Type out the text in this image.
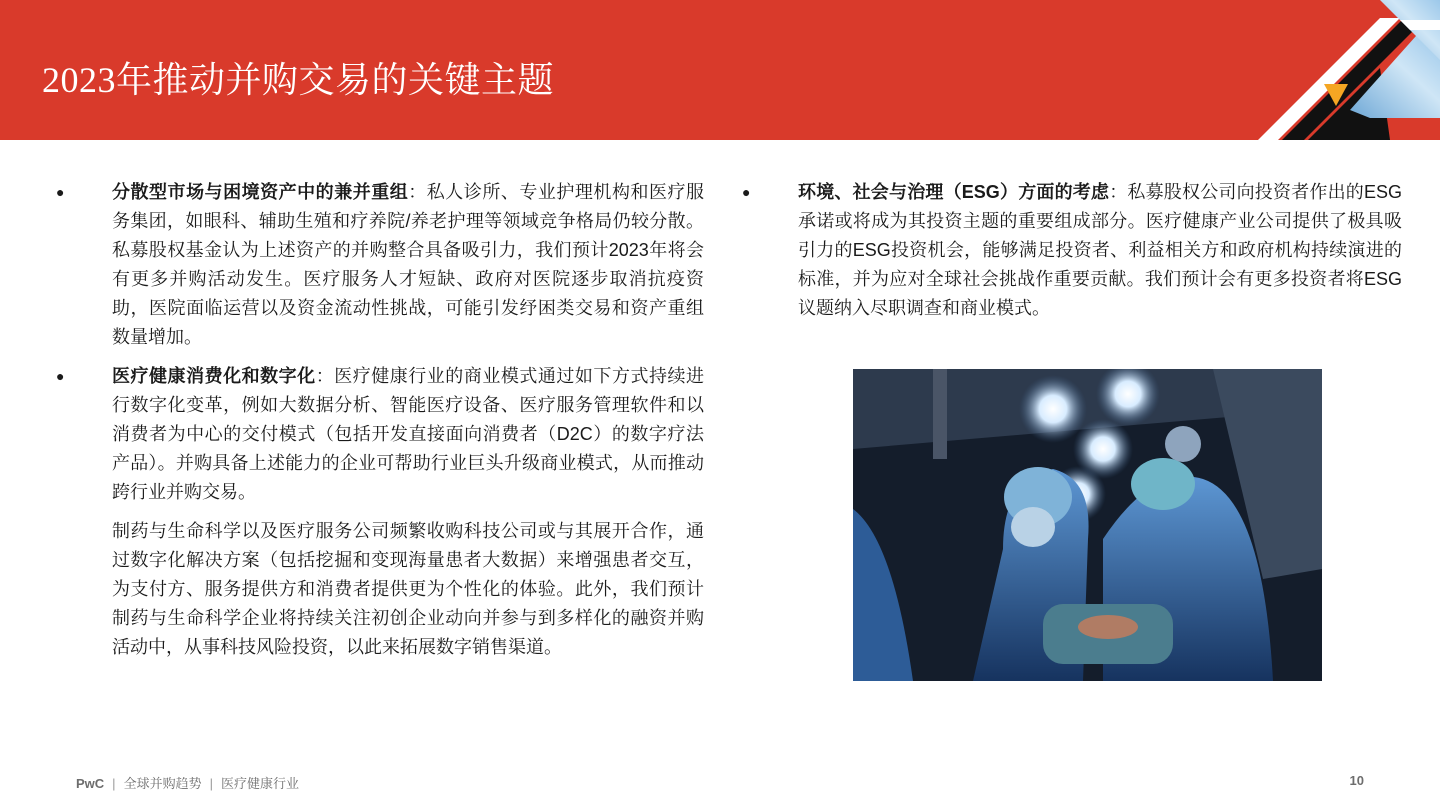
2023年推动并购交易的关键主题
●	分散型市场与困境资产中的兼并重组：私人诊所、专业护理机构和医疗服务集团，如眼科、辅助生殖和疗养院/养老护理等领域竞争格局仍较分散。私募股权基金认为上述资产的并购整合具备吸引力，我们预计2023年将会有更多并购活动发生。医疗服务人才短缺、政府对医院逐步取消抗疫资助，医院面临运营以及资金流动性挑战，可能引发纾困类交易和资产重组数量增加。
●	医疗健康消费化和数字化：医疗健康行业的商业模式通过如下方式持续进行数字化变革，例如大数据分析、智能医疗设备、医疗服务管理软件和以消费者为中心的交付模式（包括开发直接面向消费者（D2C）的数字疗法产品）。并购具备上述能力的企业可帮助行业巨头升级商业模式，从而推动跨行业并购交易。
制药与生命科学以及医疗服务公司频繁收购科技公司或与其展开合作，通过数字化解决方案（包括挖掘和变现海量患者大数据）来增强患者交互，为支付方、服务提供方和消费者提供更为个性化的体验。此外，我们预计制药与生命科学企业将持续关注初创企业动向并参与到多样化的融资并购活动中，从事科技风险投资，以此来拓展数字销售渠道。
●	环境、社会与治理（ESG）方面的考虑：私募股权公司向投资者作出的ESG承诺或将成为其投资主题的重要组成部分。医疗健康产业公司提供了极具吸引力的ESG投资机会，能够满足投资者、利益相关方和政府机构持续演进的标准，并为应对全球社会挑战作重要贡献。我们预计会有更多投资者将ESG议题纳入尽职调查和商业模式。
PwC | 全球并购趋势 | 医疗健康行业	10
